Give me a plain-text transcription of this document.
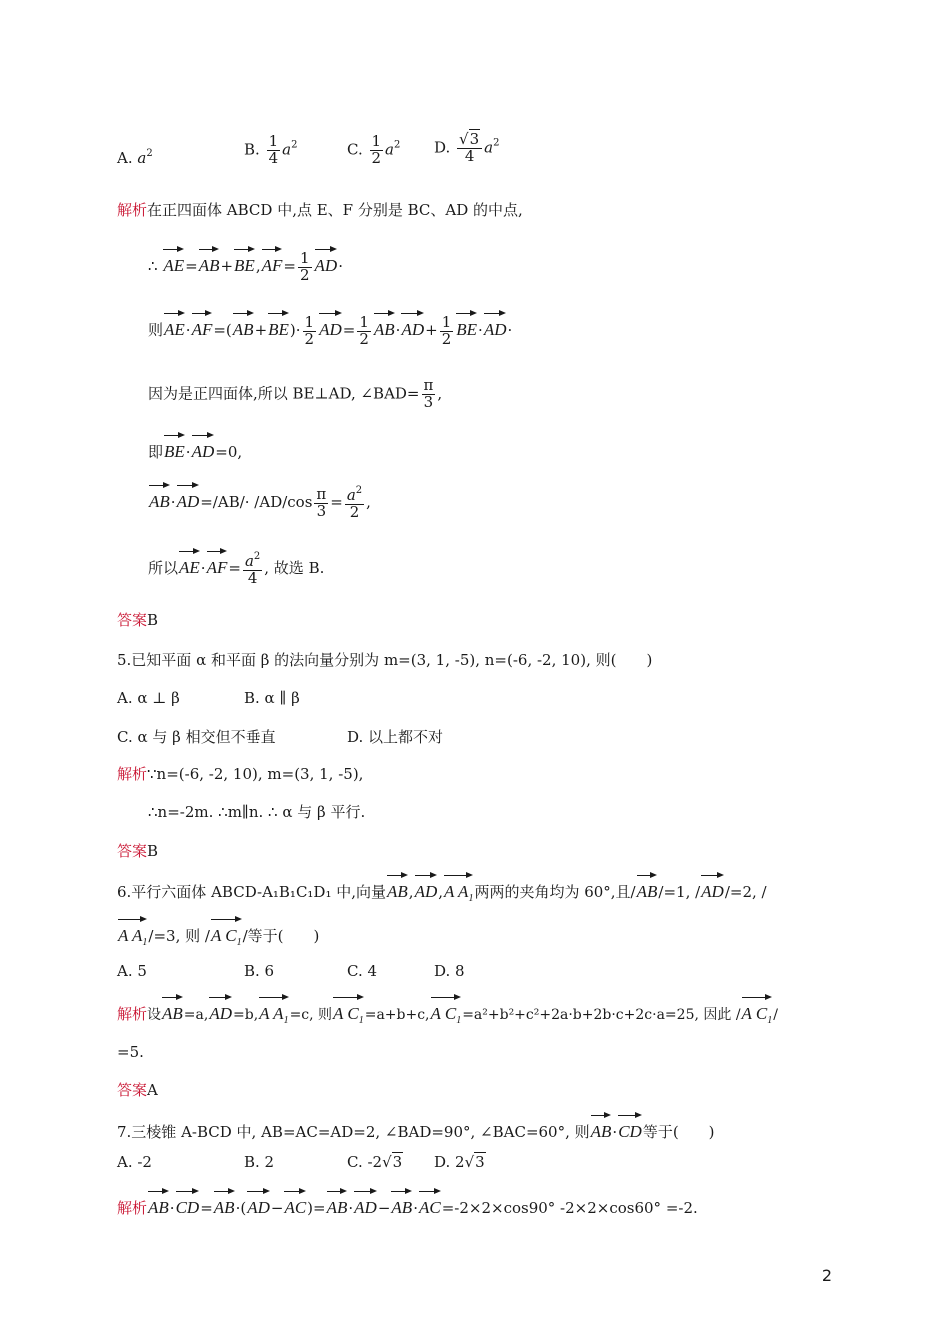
A. $a^2$	B. $\frac{1}{4} a^2$	C. $\frac{1}{2} a^2$ D. $\frac{√3}{4} a^2$
解析在正四面体 ABCD 中,点 E、F 分别是 BC、AD 的中点,
∴ $AE=AB+BE,AF= \frac{1}{2} AD\cdot$
则$AE\cdot AF=(AB+BE)\cdot \frac{1}{2} AD= \frac{1}{2} AB\cdot AD+ \frac{1}{2} BE\cdot AD\cdot$
因为是正四面体,所以 BE⊥AD, ∠BAD= $\frac{\pi}{3}$ ,
即BE·AD=0,
$AB\cdot AD=/AB/\cdot /AD/\cos \frac{\pi}{3} = \frac{a^2}{2}$ ,
所以$AE\cdot AF= \frac{a^2}{4}$ , 故选 B.
答案B
5.已知平面 α 和平面 β 的法向量分别为 m=(3, 1, -5), n=(-6, -2, 10), 则(　　)
A. α ⊥ β	B. α ∥ β
C. α 与 β 相交但不垂直	D. 以上都不对
解析∵n=(-6, -2, 10), m=(3, 1, -5),
∴n=-2m. ∴m∥n. ∴ α 与 β 平行.
答案B
6.平行六面体 ABCD-A₁B₁C₁D₁ 中,向量AB,AD,A $A_1$两两的夹角均为 60°,且/AB/=1, /AD/=2, /
A $A_1/=3$, 则 /A $C_1/$等于(　　)
A. 5	B. 6	C. 4	D. 8
解析设AB=a,AD=b,A $A_1=c$, 则A $C_1=a+b+c,A$ $C_1=a^2+b^2+c^2+2a\cdot b+2b\cdot c+2c\cdot a=25$, 因此 /A $C_1/$
=5.
答案A
7.三棱锥 A-BCD 中, AB=AC=AD=2, ∠BAD=90°, ∠BAC=60°, 则AB·CD等于(　　)
A. -2	B. 2	C. -2√3 D. 2√3
解析AB·CD=AB·(AD−AC)=AB·AD−AB·AC=-2×2×cos90° -2×2×cos60° =-2.
2
